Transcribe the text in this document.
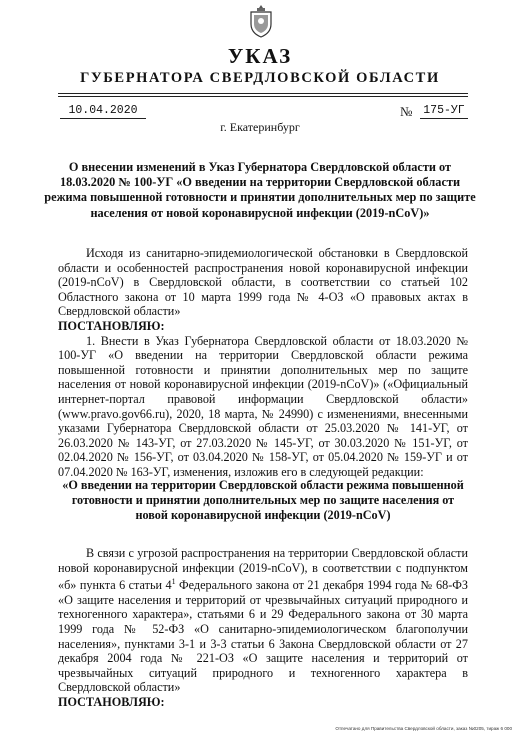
УКАЗ
ГУБЕРНАТОРА СВЕРДЛОВСКОЙ ОБЛАСТИ
10.04.2020	№ 175-УГ
г. Екатеринбург
О внесении изменений в Указ Губернатора Свердловской области от 18.03.2020 № 100-УГ «О введении на территории Свердловской области режима повышенной готовности и принятии дополнительных мер по защите населения от новой коронавирусной инфекции (2019-nCoV)»

Исходя из санитарно-эпидемиологической обстановки в Свердловской области и особенностей распространения новой коронавирусной инфекции (2019-nCoV) в Свердловской области, в соответствии со статьей 102 Областного закона от 10 марта 1999 года № 4-ОЗ «О правовых актах в Свердловской области»

ПОСТАНОВЛЯЮ:

1. Внести в Указ Губернатора Свердловской области от 18.03.2020 № 100-УГ «О введении на территории Свердловской области режима повышенной готовности и принятии дополнительных мер по защите населения от новой коронавирусной инфекции (2019-nCoV)» («Официальный интернет-портал правовой информации Свердловской области» (www.pravo.gov66.ru), 2020, 18 марта, № 24990) с изменениями, внесенными указами Губернатора Свердловской области от 25.03.2020 № 141-УГ, от 26.03.2020 № 143-УГ, от 27.03.2020 № 145-УГ, от 30.03.2020 № 151-УГ, от 02.04.2020 № 156-УГ, от 03.04.2020 № 158-УГ, от 05.04.2020 № 159-УГ и от 07.04.2020 № 163-УГ, изменения, изложив его в следующей редакции:

«О введении на территории Свердловской области режима повышенной готовности и принятии дополнительных мер по защите населения от новой коронавирусной инфекции (2019-nCoV)

В связи с угрозой распространения на территории Свердловской области новой коронавирусной инфекции (2019-nCoV), в соответствии с подпунктом «б» пункта 6 статьи $4^1$ Федерального закона от 21 декабря 1994 года № 68-ФЗ «О защите населения и территорий от чрезвычайных ситуаций природного и техногенного характера», статьями 6 и 29 Федерального закона от 30 марта 1999 года № 52-ФЗ «О санитарно-эпидемиологическом благополучии населения», пунктами 3-1 и 3-3 статьи 6 Закона Свердловской области от 27 декабря 2004 года № 221-ОЗ «О защите населения и территорий от чрезвычайных ситуаций природного и техногенного характера в Свердловской области»

ПОСТАНОВЛЯЮ:

Отпечатано для Правительства Свердловской области, заказ №0205, тираж 6 000
